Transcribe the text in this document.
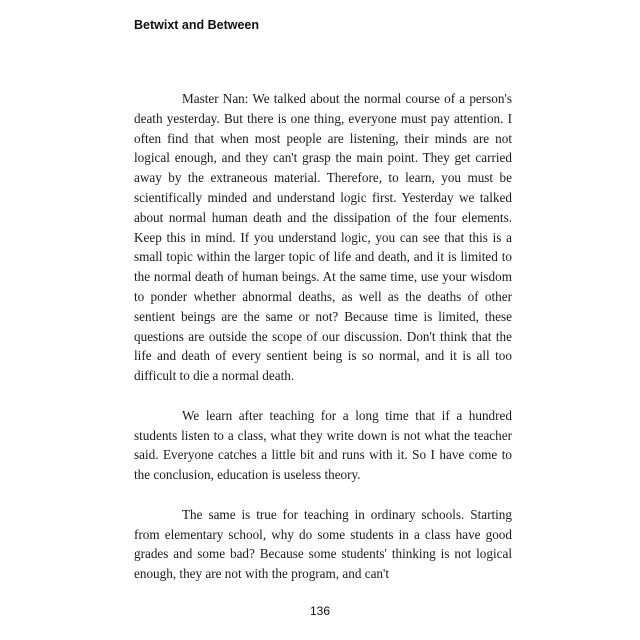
Betwixt and Between

Master Nan: We talked about the normal course of a person's death yesterday. But there is one thing, everyone must pay attention. I often find that when most people are listening, their minds are not logical enough, and they can't grasp the main point. They get carried away by the extraneous material. Therefore, to learn, you must be scientifically minded and understand logic first. Yesterday we talked about normal human death and the dissipation of the four elements. Keep this in mind. If you understand logic, you can see that this is a small topic within the larger topic of life and death, and it is limited to the normal death of human beings. At the same time, use your wisdom to ponder whether abnormal deaths, as well as the deaths of other sentient beings are the same or not? Because time is limited, these questions are outside the scope of our discussion. Don't think that the life and death of every sentient being is so normal, and it is all too difficult to die a normal death.

We learn after teaching for a long time that if a hundred students listen to a class, what they write down is not what the teacher said. Everyone catches a little bit and runs with it. So I have come to the conclusion, education is useless theory.

The same is true for teaching in ordinary schools. Starting from elementary school, why do some students in a class have good grades and some bad? Because some students' thinking is not logical enough, they are not with the program, and can't

136
